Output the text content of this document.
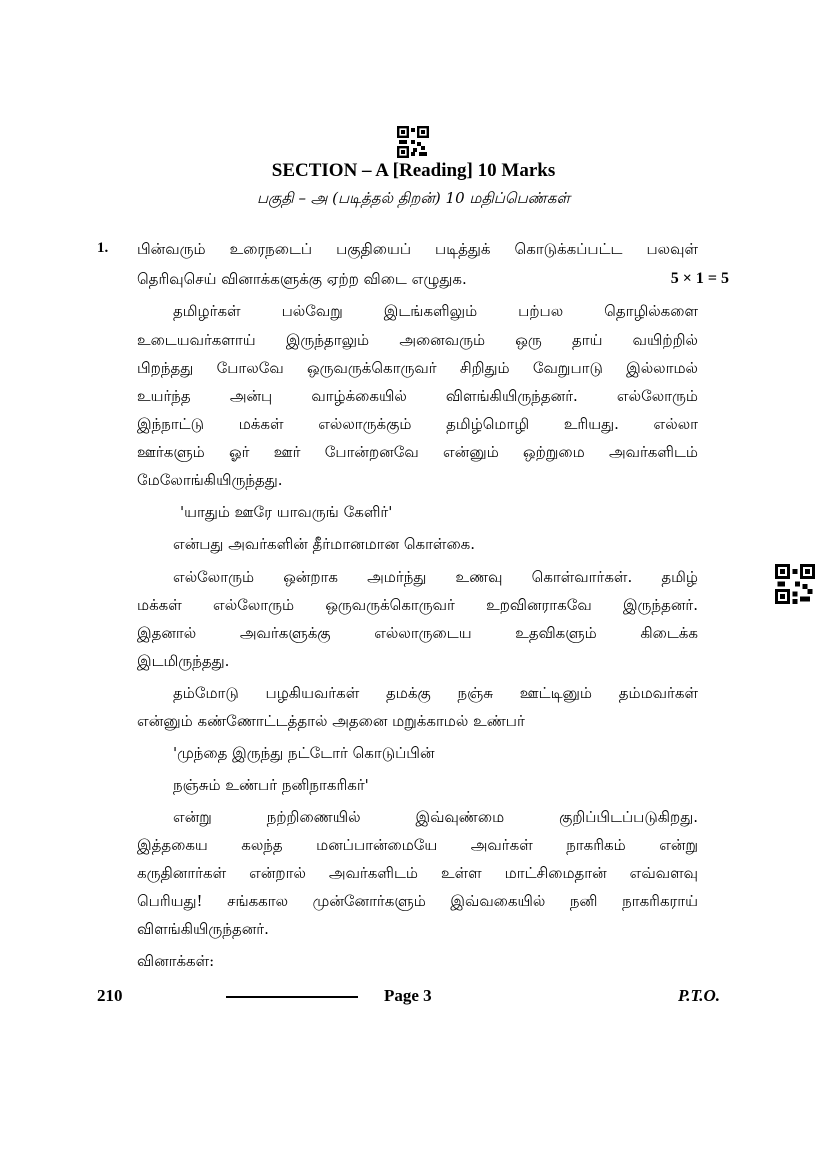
SECTION – A [Reading] 10 Marks
பகுதி – அ (படித்தல் திறன்) 10 மதிப்பெண்கள்
1. பின்வரும் உரைநடைப் பகுதியைப் படித்துக் கொடுக்கப்பட்ட பலவுள்
தெரிவுசெய் வினாக்களுக்கு ஏற்ற விடை எழுதுக.	5 × 1 = 5
தமிழர்கள் பல்வேறு இடங்களிலும் பற்பல தொழில்களை
உடையவர்களாய் இருந்தாலும் அனைவரும் ஒரு தாய் வயிற்றில்
பிறந்தது போலவே ஒருவருக்கொருவர் சிறிதும் வேறுபாடு இல்லாமல்
உயர்ந்த அன்பு வாழ்க்கையில் விளங்கியிருந்தனர். எல்லோரும்
இந்நாட்டு மக்கள் எல்லாருக்கும் தமிழ்மொழி உரியது. எல்லா
ஊர்களும் ஓர் ஊர் போன்றனவே என்னும் ஒற்றுமை அவர்களிடம்
மேலோங்கியிருந்தது.
'யாதும் ஊரே யாவருங் கேளிர்'
என்பது அவர்களின் தீர்மானமான கொள்கை.
எல்லோரும் ஒன்றாக அமர்ந்து உணவு கொள்வார்கள். தமிழ்
மக்கள் எல்லோரும் ஒருவருக்கொருவர் உறவினராகவே இருந்தனர்.
இதனால் அவர்களுக்கு எல்லாருடைய உதவிகளும் கிடைக்க
இடமிருந்தது.
தம்மோடு பழகியவர்கள் தமக்கு நஞ்சு ஊட்டினும் தம்மவர்கள்
என்னும் கண்ணோட்டத்தால் அதனை மறுக்காமல் உண்பர்
'முந்தை இருந்து நட்டோர் கொடுப்பின்
நஞ்சும் உண்பர் நனிநாகரிகர்'
என்று நற்றிணையில் இவ்வுண்மை குறிப்பிடப்படுகிறது.
இத்தகைய கலந்த மனப்பான்மையே அவர்கள் நாகரிகம் என்று
கருதினார்கள் என்றால் அவர்களிடம் உள்ள மாட்சிமைதான் எவ்வளவு
பெரியது! சங்ககால முன்னோர்களும் இவ்வகையில் நனி நாகரிகராய்
விளங்கியிருந்தனர்.
வினாக்கள்:
210	Page 3	P.T.O.
